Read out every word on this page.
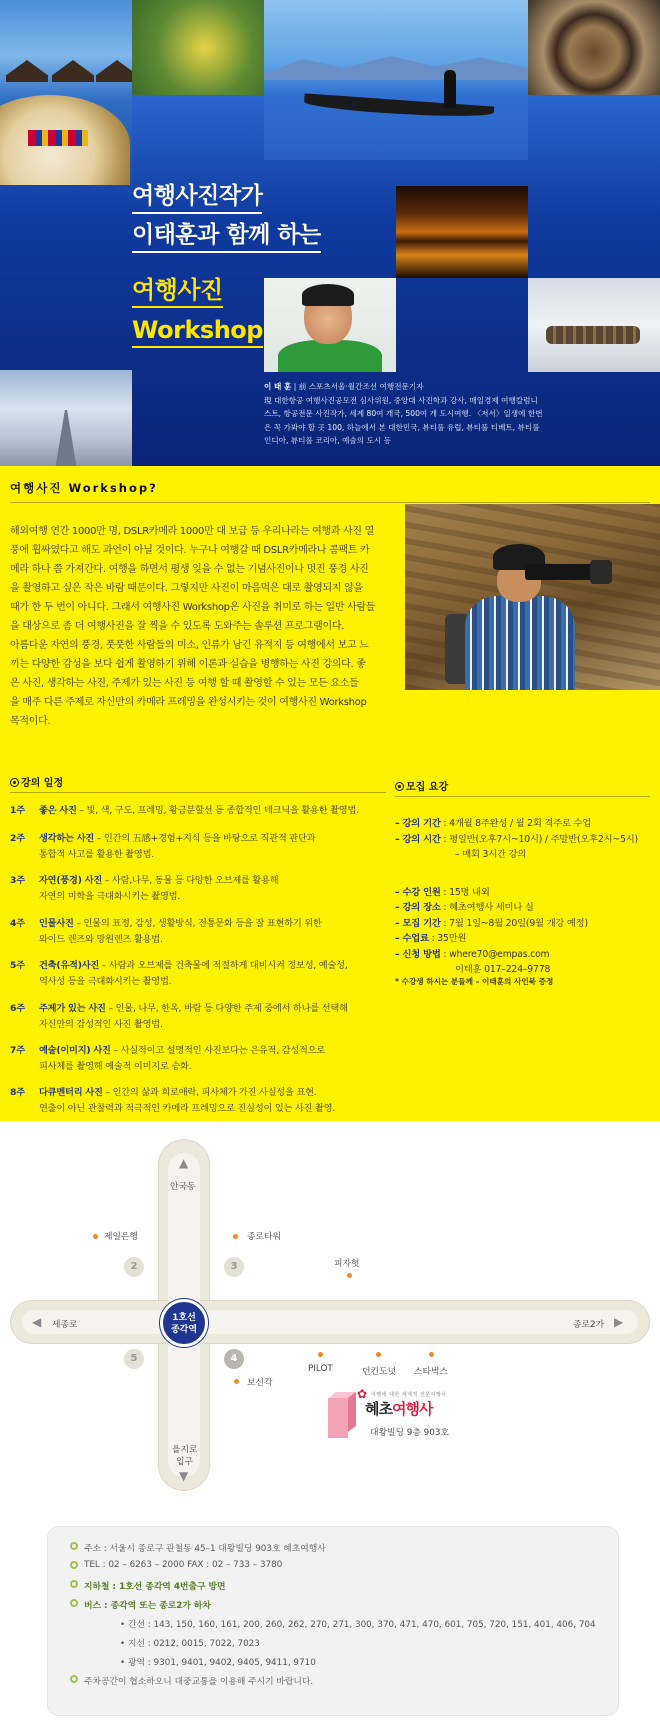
여행사진작가
이태훈과 함께 하는
여행사진
Workshop
이 태 훈 | 前 스포츠서울·월간조선 여행전문기자
現 대한항공 여행사진공모전 심사위원, 중앙대 사진학과 강사, 매일경제 여행칼럼니
스트, 항공전문 사진작가, 세계 80여 개국, 500여 개 도시여행. 〈저서〉일생에 한번
은 꼭 가봐야 할 곳 100, 하늘에서 본 대한민국, 뷰티풀 유럽, 뷰티풀 티베트, 뷰티풀
인디아, 뷰티풀 코리아, 예술의 도시 등
여행사진 Workshop?
해외여행 연간 1000만 명, DSLR카메라 1000만 대 보급 등 우리나라는 여행과 사진 열
풍에 휩싸였다고 해도 과언이 아닐 것이다. 누구나 여행갈 때 DSLR카메라나 콤팩트 카
메라 하나 쯤 가져간다. 여행을 하면서 평생 잊을 수 없는 기념사진이나 멋진 풍경 사진
을 촬영하고 싶은 작은 바람 때문이다. 그렇지만 사진이 마음먹은 대로 촬영되지 않을
때가 한 두 번이 아니다. 그래서 여행사진 Workshop은 사진을 취미로 하는 일반 사람들
을 대상으로 좀 더 여행사진을 잘 찍을 수 있도록 도와주는 솔루션 프로그램이다.
아름다운 자연의 풍경, 풋풋한 사람들의 미소, 인류가 남긴 유적지 등 여행에서 보고 느
끼는 다양한 감성을 보다 쉽게 촬영하기 위해 이론과 실습을 병행하는 사진 강의다. 좋
은 사진, 생각하는 사진, 주제가 있는 사진 등 여행 할 때 촬영할 수 있는 모든 요소들
을 매주 다른 주제로 자신만의 카메라 프레밍을 완성시키는 것이 여행사진 Workshop
목적이다.
강의 일정
1주 좋은 사진 – 빛, 색, 구도, 프레밍, 황금분할선 등 종합적인 테크닉을 활용한 촬영법.
2주 생각하는 사진 – 인간의 五感+경험+지식 등을 바탕으로 직관적 판단과
통합적 사고를 활용한 촬영법.
3주 자연(풍경) 사진 – 사람,나무, 동물 등 다양한 오브제를 활용해
자연의 미학을 극대화시키는 촬영법.
4주 인물사진 – 인물의 표정, 감성, 생활방식, 전통문화 등을 잘 표현하기 위한
와이드 렌즈와 망원렌즈 활용법.
5주 건축(유적)사진 – 사람과 오브제를 건축물에 적절하게 대비시켜 정보성, 예술성,
역사성 등을 극대화시키는 촬영법.
6주 주제가 있는 사진 – 인물, 나무, 한옥, 바람 등 다양한 주제 중에서 하나를 선택해
자신만의 감성적인 사진 촬영법.
7주 예술(이미지) 사진 – 사실적이고 설명적인 사진보다는 은유적, 감성적으로
피사체를 촬영해 예술적 이미지로 승화.
8주 다큐멘터리 사진 – 인간의 삶과 희로애락, 피사체가 가진 사실성을 표현.
연출이 아닌 관찰력과 적극적인 카메라 프레밍으로 진실성이 있는 사진 촬영.
모집 요강
– 강의 기간 : 4개월 8주완성 / 월 2회 격주로 수업
– 강의 시간 : 평일반(오후7시~10시) / 주말반(오후2시~5시)
– 매회 3시간 강의
– 수강 인원 : 15명 내외
– 강의 장소 : 혜초여행사 세미나 실
– 모집 기간 : 7월 1일~8월 20일(9월 개강 예정)
– 수업료 : 35만원
– 신청 방법 : where70@empas.com
이태훈 017–224–9778
* 수강생 하시는 분들께 – 이태훈의 사인북 증정
▲
안국동
을지로
입구
▼
◀ 세종로	종로2가 ▶
1호선
종각역
2	3
4
5
제일은행	종로타워
피자헛
PILOT	던킨도넛 스타벅스
보신각
✿ 여행에 대한 세계적 전문여행사
혜초여행사
대왕빌딩 9층 903호
주소 : 서울시 종로구 관철동 45–1 대왕빌딩 903호 혜초여행사
TEL : 02 – 6263 – 2000 FAX : 02 – 733 – 3780
지하철 : 1호선 종각역 4번출구 방면
버스 : 종각역 또는 종로2가 하차
• 간선 : 143, 150, 160, 161, 200, 260, 262, 270, 271, 300, 370, 471, 470, 601, 705, 720, 151, 401, 406, 704
• 지선 : 0212, 0015, 7022, 7023
• 광역 : 9301, 9401, 9402, 9405, 9411, 9710
주차공간이 협소하오니 대중교통을 이용해 주시기 바랍니다.
